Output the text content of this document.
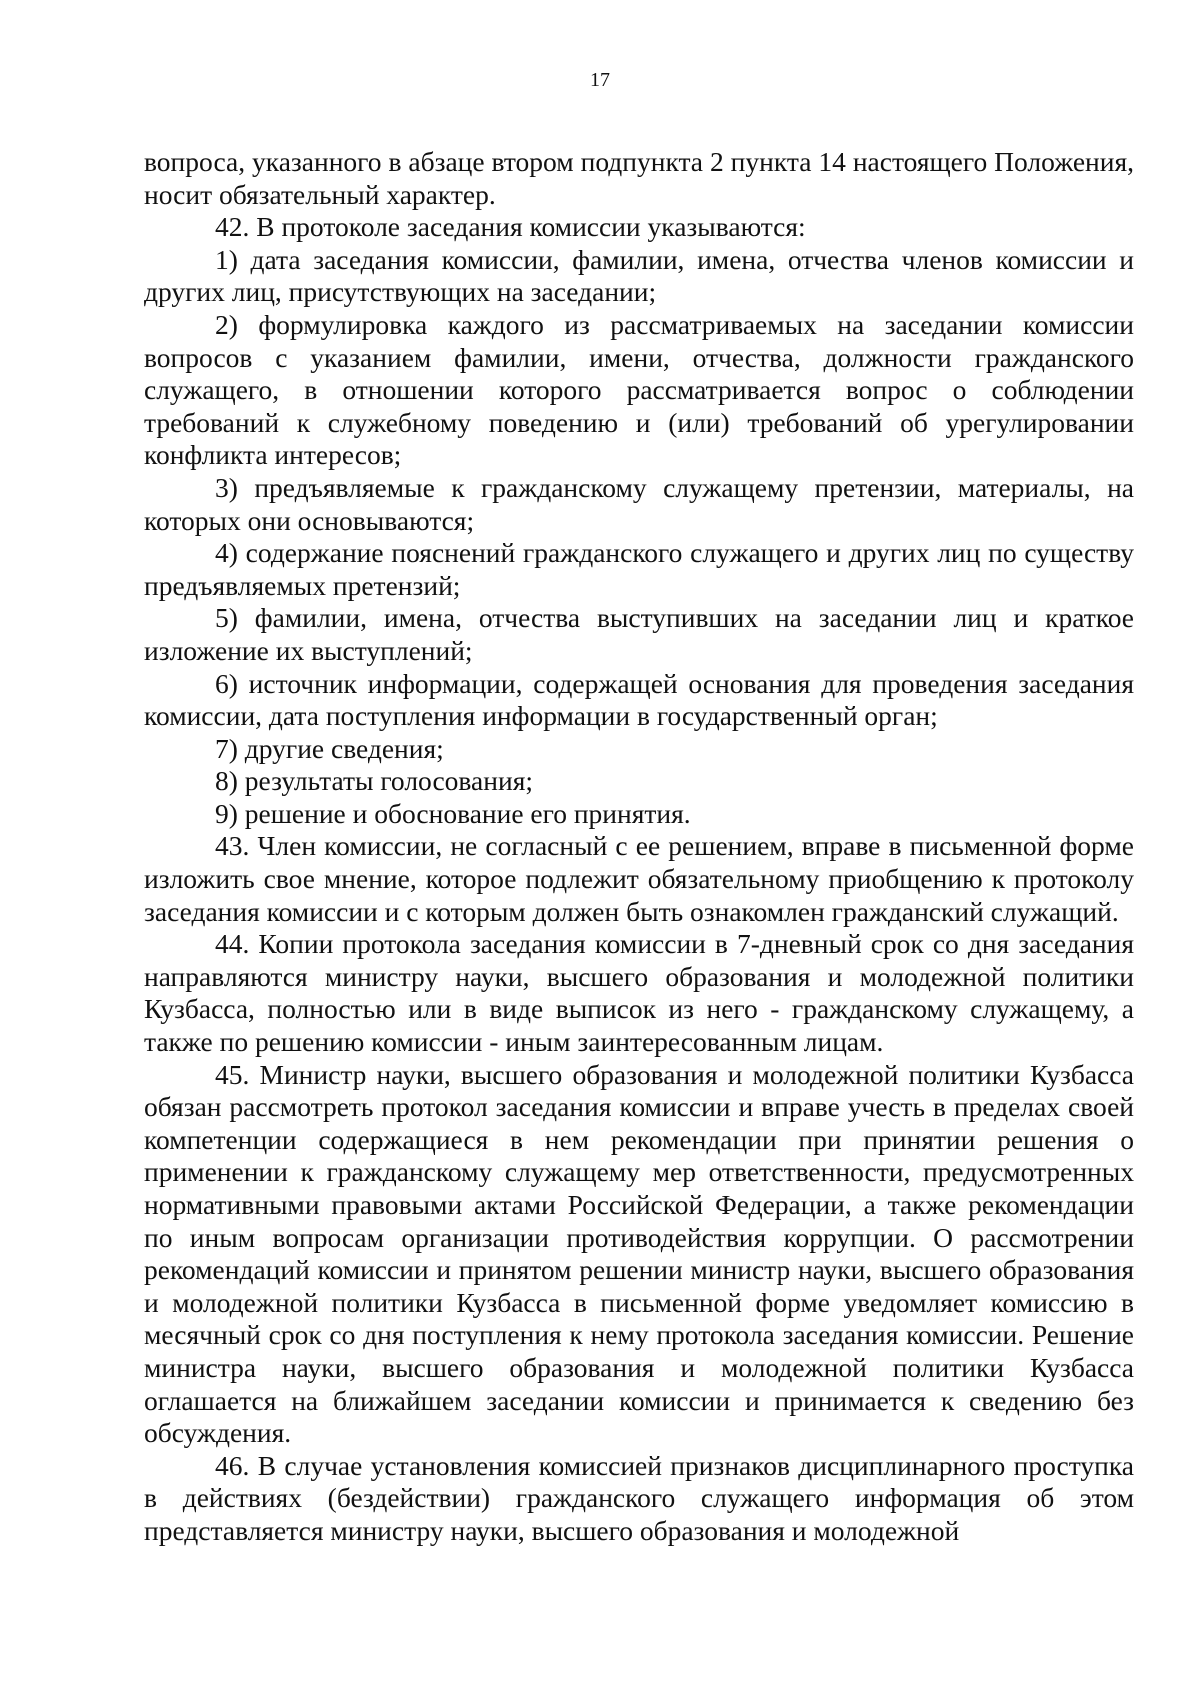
17

вопроса, указанного в абзаце втором подпункта 2 пункта 14 настоящего Положения, носит обязательный характер.

42. В протоколе заседания комиссии указываются:

1) дата заседания комиссии, фамилии, имена, отчества членов комиссии и других лиц, присутствующих на заседании;

2) формулировка каждого из рассматриваемых на заседании комиссии вопросов с указанием фамилии, имени, отчества, должности гражданского служащего, в отношении которого рассматривается вопрос о соблюдении требований к служебному поведению и (или) требований об урегулировании конфликта интересов;

3) предъявляемые к гражданскому служащему претензии, материалы, на которых они основываются;

4) содержание пояснений гражданского служащего и других лиц по существу предъявляемых претензий;

5) фамилии, имена, отчества выступивших на заседании лиц и краткое изложение их выступлений;

6) источник информации, содержащей основания для проведения заседания комиссии, дата поступления информации в государственный орган;

7) другие сведения;

8) результаты голосования;

9) решение и обоснование его принятия.

43. Член комиссии, не согласный с ее решением, вправе в письменной форме изложить свое мнение, которое подлежит обязательному приобщению к протоколу заседания комиссии и с которым должен быть ознакомлен гражданский служащий.

44. Копии протокола заседания комиссии в 7-дневный срок со дня заседания направляются министру науки, высшего образования и молодежной политики Кузбасса, полностью или в виде выписок из него - гражданскому служащему, а также по решению комиссии - иным заинтересованным лицам.

45. Министр науки, высшего образования и молодежной политики Кузбасса обязан рассмотреть протокол заседания комиссии и вправе учесть в пределах своей компетенции содержащиеся в нем рекомендации при принятии решения о применении к гражданскому служащему мер ответственности, предусмотренных нормативными правовыми актами Российской Федерации, а также рекомендации по иным вопросам организации противодействия коррупции. О рассмотрении рекомендаций комиссии и принятом решении министр науки, высшего образования и молодежной политики Кузбасса в письменной форме уведомляет комиссию в месячный срок со дня поступления к нему протокола заседания комиссии. Решение министра науки, высшего образования и молодежной политики Кузбасса оглашается на ближайшем заседании комиссии и принимается к сведению без обсуждения.

46. В случае установления комиссией признаков дисциплинарного проступка в действиях (бездействии) гражданского служащего информация об этом представляется министру науки, высшего образования и молодежной
